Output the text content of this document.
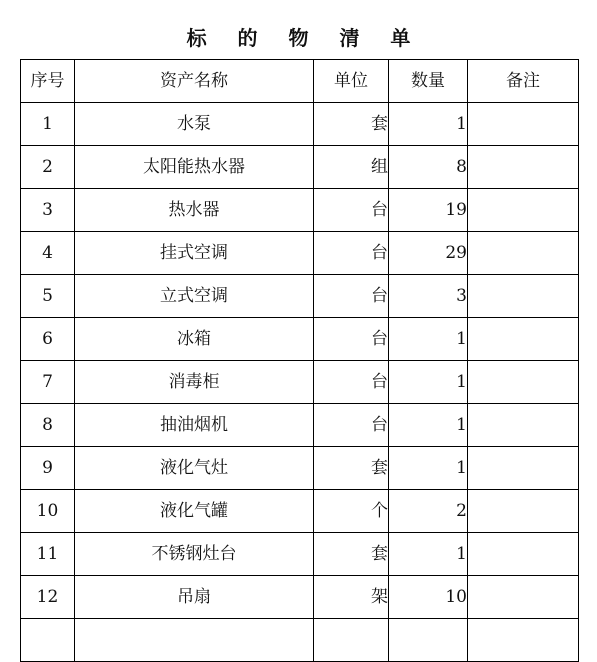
标 的 物 清 单
序号	资产名称	单位	数量	备注
1	水泵	套	1	
2	太阳能热水器	组	8	
3	热水器	台	19	
4	挂式空调	台	29	
5	立式空调	台	3	
6	冰箱	台	1	
7	消毒柜	台	1	
8	抽油烟机	台	1	
9	液化气灶	套	1	
10	液化气罐	个	2	
11	不锈钢灶台	套	1	
12	吊扇	架	10	
